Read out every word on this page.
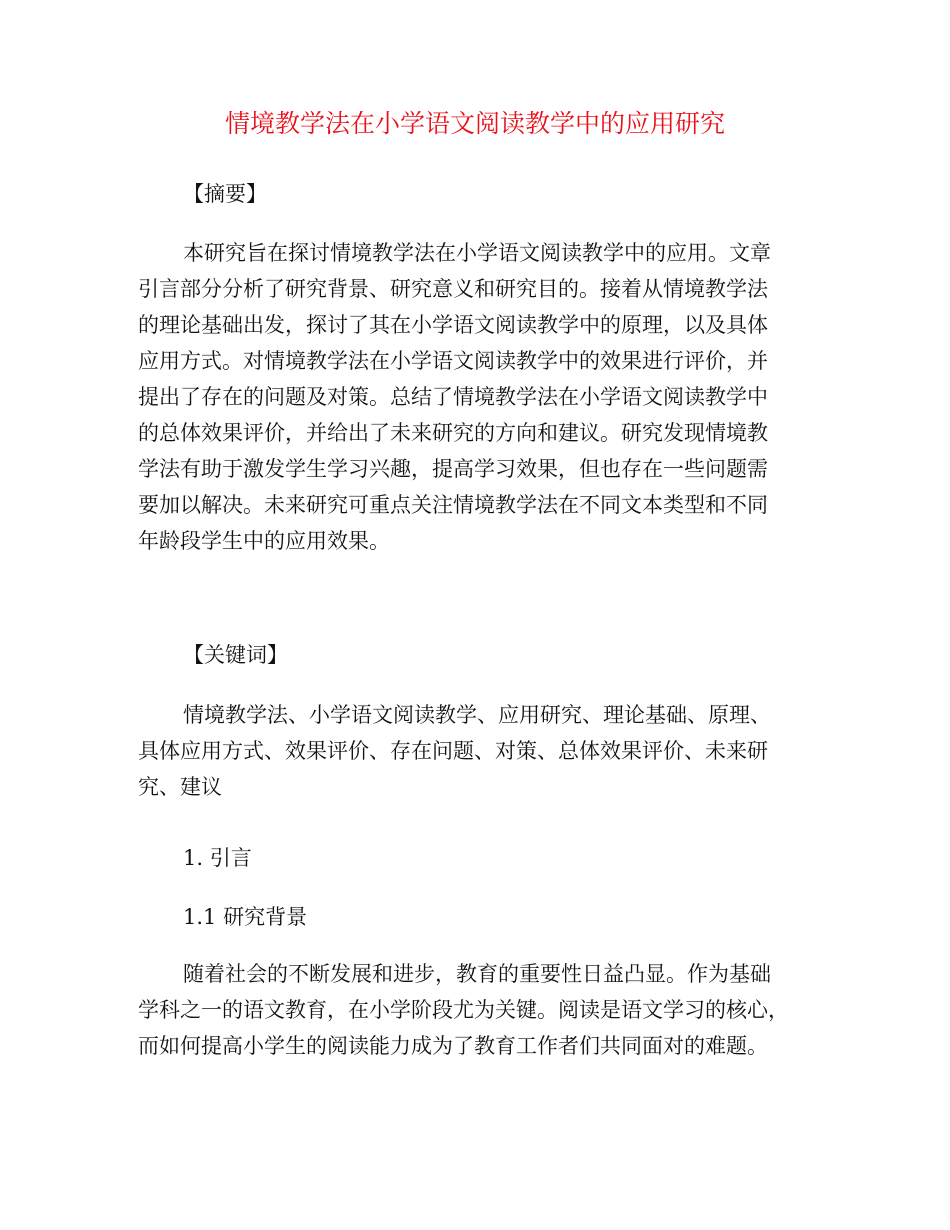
情境教学法在小学语文阅读教学中的应用研究
【摘要】
本研究旨在探讨情境教学法在小学语文阅读教学中的应用。文章
引言部分分析了研究背景、研究意义和研究目的。接着从情境教学法
的理论基础出发，探讨了其在小学语文阅读教学中的原理，以及具体
应用方式。对情境教学法在小学语文阅读教学中的效果进行评价，并
提出了存在的问题及对策。总结了情境教学法在小学语文阅读教学中
的总体效果评价，并给出了未来研究的方向和建议。研究发现情境教
学法有助于激发学生学习兴趣，提高学习效果，但也存在一些问题需
要加以解决。未来研究可重点关注情境教学法在不同文本类型和不同
年龄段学生中的应用效果。
【关键词】
情境教学法、小学语文阅读教学、应用研究、理论基础、原理、
具体应用方式、效果评价、存在问题、对策、总体效果评价、未来研
究、建议
1. 引言
1.1 研究背景
随着社会的不断发展和进步，教育的重要性日益凸显。作为基础
学科之一的语文教育，在小学阶段尤为关键。阅读是语文学习的核心，
而如何提高小学生的阅读能力成为了教育工作者们共同面对的难题。
